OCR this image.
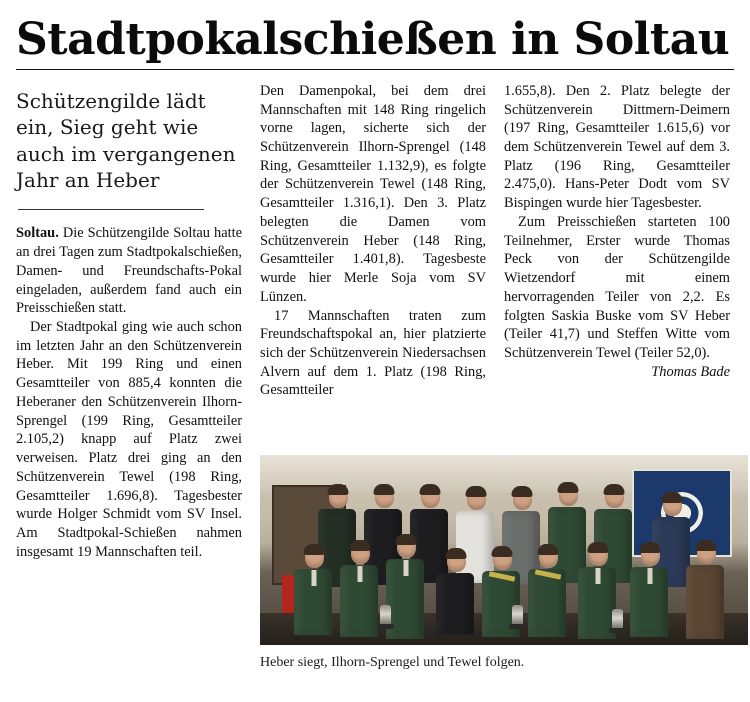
Stadtpokalschießen in Soltau
Schützengilde lädt ein, Sieg geht wie auch im vergangenen Jahr an Heber

Soltau. Die Schützengilde Soltau hatte an drei Tagen zum Stadtpokalschießen, Damen- und Freundschafts-Pokal eingeladen, außerdem fand auch ein Preisschießen statt.

Der Stadtpokal ging wie auch schon im letzten Jahr an den Schützenverein Heber. Mit 199 Ring und einen Gesamtteiler von 885,4 konnten die Heberaner den Schützenverein Ilhorn-Sprengel (199 Ring, Gesamtteiler 2.105,2) knapp auf Platz zwei verweisen. Platz drei ging an den Schützenverein Tewel (198 Ring, Gesamtteiler 1.696,8). Tagesbester wurde Holger Schmidt vom SV Insel. Am Stadtpokal-Schießen nahmen insgesamt 19 Mannschaften teil.

Den Damenpokal, bei dem drei Mannschaften mit 148 Ring ringelich vorne lagen, sicherte sich der Schützenverein Ilhorn-Sprengel (148 Ring, Gesamtteiler 1.132,9), es folgte der Schützenverein Tewel (148 Ring, Gesamtteiler 1.316,1). Den 3. Platz belegten die Damen vom Schützenverein Heber (148 Ring, Gesamtteiler 1.401,8). Tagesbeste wurde hier Merle Soja vom SV Lünzen.

17 Mannschaften traten zum Freundschaftspokal an, hier platzierte sich der Schützenverein Niedersachsen Alvern auf dem 1. Platz (198 Ring, Gesamtteiler

1.655,8). Den 2. Platz belegte der Schützenverein Dittmern-Deimern (197 Ring, Gesamtteiler 1.615,6) vor dem Schützenverein Tewel auf dem 3. Platz (196 Ring, Gesamtteiler 2.475,0). Hans-Peter Dodt vom SV Bispingen wurde hier Tagesbester.

Zum Preisschießen starteten 100 Teilnehmer, Erster wurde Thomas Peck von der Schützengilde Wietzendorf mit einem hervorragenden Teiler von 2,2. Es folgten Saskia Buske vom SV Heber (Teiler 41,7) und Steffen Witte vom Schützenverein Tewel (Teiler 52,0).
Thomas Bade

Heber siegt, Ilhorn-Sprengel und Tewel folgen.
